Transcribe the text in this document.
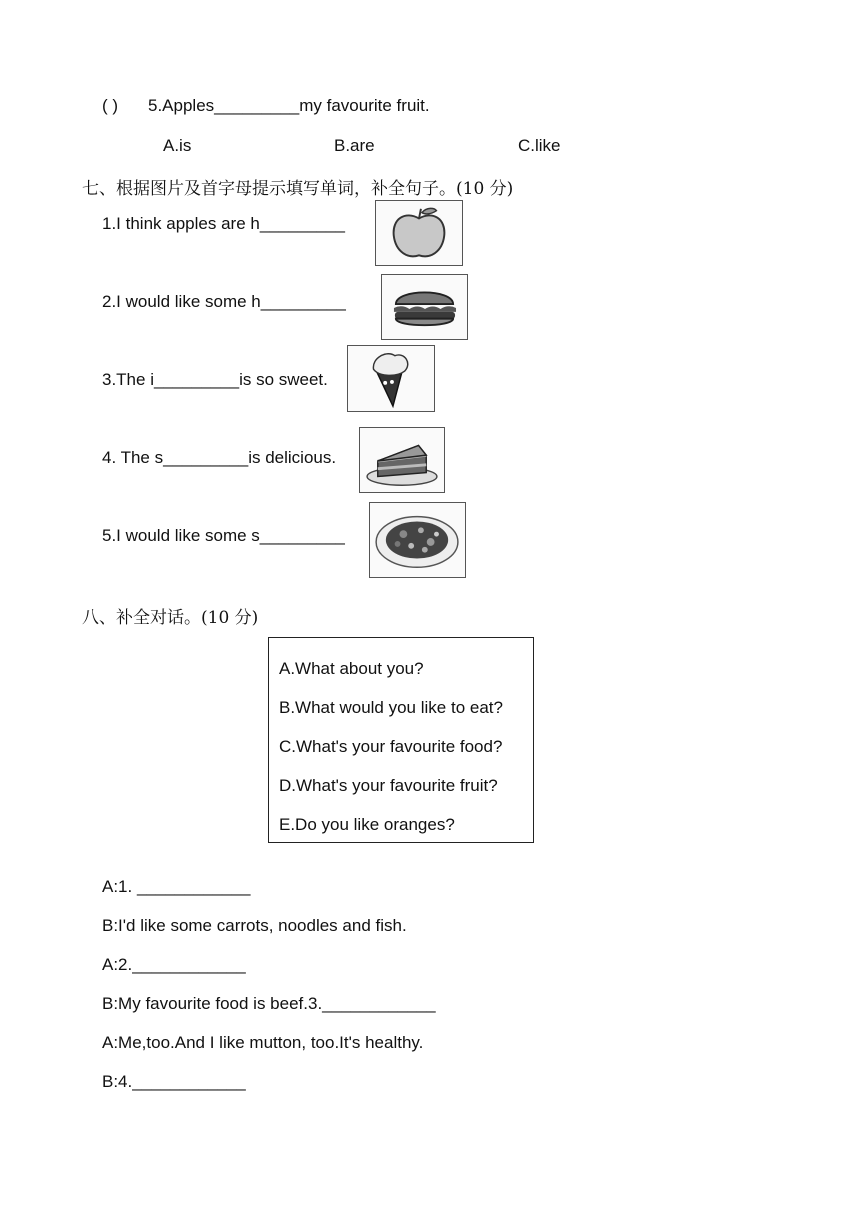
( ) 5.Apples_________my favourite fruit.
A.is	B.are	C.like
七、根据图片及首字母提示填写单词，补全句子。(10 分)
1.I think apples are h_________
2.I would like some h_________
3.The i_________is so sweet.
4. The s_________is delicious.
5.I would like some s_________
八、补全对话。(10 分)
A.What about you?
B.What would you like to eat?
C.What's your favourite food?
D.What's your favourite fruit?
E.Do you like oranges?
A:1. ____________
B:I'd like some carrots, noodles and fish.
A:2.____________
B:My favourite food is beef.3.____________
A:Me,too.And I like mutton, too.It's healthy.
B:4.____________
